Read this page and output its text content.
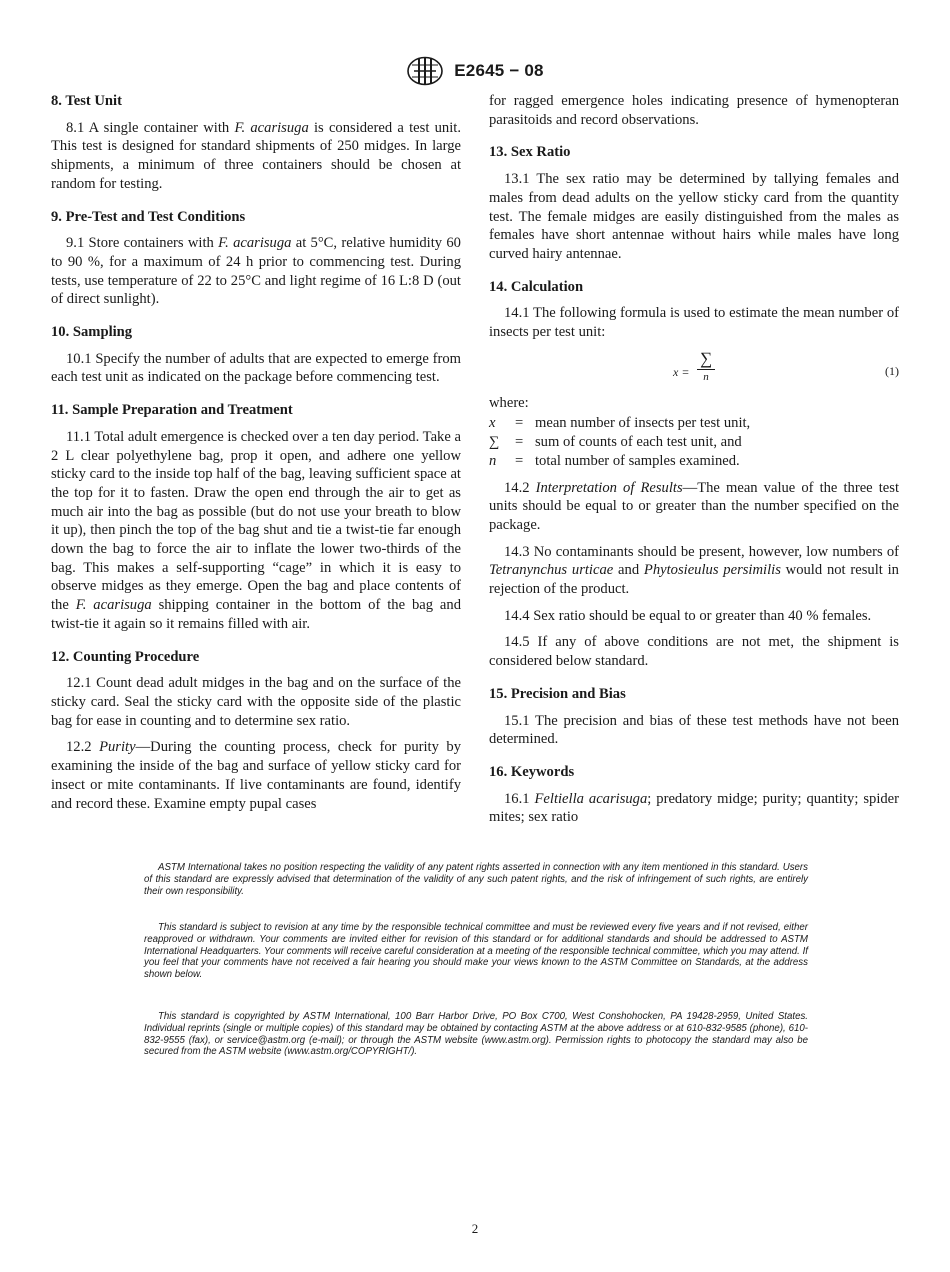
E2645 − 08
8. Test Unit

8.1 A single container with F. acarisuga is considered a test unit. This test is designed for standard shipments of 250 midges. In large shipments, a minimum of three containers should be chosen at random for testing.

9. Pre-Test and Test Conditions

9.1 Store containers with F. acarisuga at 5°C, relative humidity 60 to 90 %, for a maximum of 24 h prior to commencing test. During tests, use temperature of 22 to 25°C and light regime of 16 L:8 D (out of direct sunlight).

10. Sampling

10.1 Specify the number of adults that are expected to emerge from each test unit as indicated on the package before commencing test.

11. Sample Preparation and Treatment

11.1 Total adult emergence is checked over a ten day period. Take a 2 L clear polyethylene bag, prop it open, and adhere one yellow sticky card to the inside top half of the bag, leaving sufficient space at the top for it to fasten. Draw the open end through the air to get as much air into the bag as possible (but do not use your breath to blow it up), then pinch the top of the bag shut and tie a twist-tie far enough down the bag to force the air to inflate the lower two-thirds of the bag. This makes a self-supporting “cage” in which it is easy to observe midges as they emerge. Open the bag and place contents of the F. acarisuga shipping container in the bottom of the bag and twist-tie it again so it remains filled with air.

12. Counting Procedure

12.1 Count dead adult midges in the bag and on the surface of the sticky card. Seal the sticky card with the opposite side of the plastic bag for ease in counting and to determine sex ratio.

12.2 Purity—During the counting process, check for purity by examining the inside of the bag and surface of yellow sticky card for insect or mite contaminants. If live contaminants are found, identify and record these. Examine empty pupal cases

for ragged emergence holes indicating presence of hymenopteran parasitoids and record observations.

13. Sex Ratio

13.1 The sex ratio may be determined by tallying females and males from dead adults on the yellow sticky card from the quantity test. The female midges are easily distinguished from the males as females have short antennae without hairs while males have long curved hairy antennae.

14. Calculation

14.1 The following formula is used to estimate the mean number of insects per test unit:

x =
∑
n	(1)

where:

x	= mean number of insects per test unit,
∑	= sum of counts of each test unit, and
n	= total number of samples examined.

14.2 Interpretation of Results—The mean value of the three test units should be equal to or greater than the number specified on the package.

14.3 No contaminants should be present, however, low numbers of Tetranynchus urticae and Phytosieulus persimilis would not result in rejection of the product.

14.4 Sex ratio should be equal to or greater than 40 % females.

14.5 If any of above conditions are not met, the shipment is considered below standard.

15. Precision and Bias

15.1 The precision and bias of these test methods have not been determined.

16. Keywords

16.1 Feltiella acarisuga; predatory midge; purity; quantity; spider mites; sex ratio

ASTM International takes no position respecting the validity of any patent rights asserted in connection with any item mentioned in this standard. Users of this standard are expressly advised that determination of the validity of any such patent rights, and the risk of infringement of such rights, are entirely their own responsibility.

This standard is subject to revision at any time by the responsible technical committee and must be reviewed every five years and if not revised, either reapproved or withdrawn. Your comments are invited either for revision of this standard or for additional standards and should be addressed to ASTM International Headquarters. Your comments will receive careful consideration at a meeting of the responsible technical committee, which you may attend. If you feel that your comments have not received a fair hearing you should make your views known to the ASTM Committee on Standards, at the address shown below.

This standard is copyrighted by ASTM International, 100 Barr Harbor Drive, PO Box C700, West Conshohocken, PA 19428-2959, United States. Individual reprints (single or multiple copies) of this standard may be obtained by contacting ASTM at the above address or at 610-832-9585 (phone), 610-832-9555 (fax), or service@astm.org (e-mail); or through the ASTM website (www.astm.org). Permission rights to photocopy the standard may also be secured from the ASTM website (www.astm.org/COPYRIGHT/).

2
